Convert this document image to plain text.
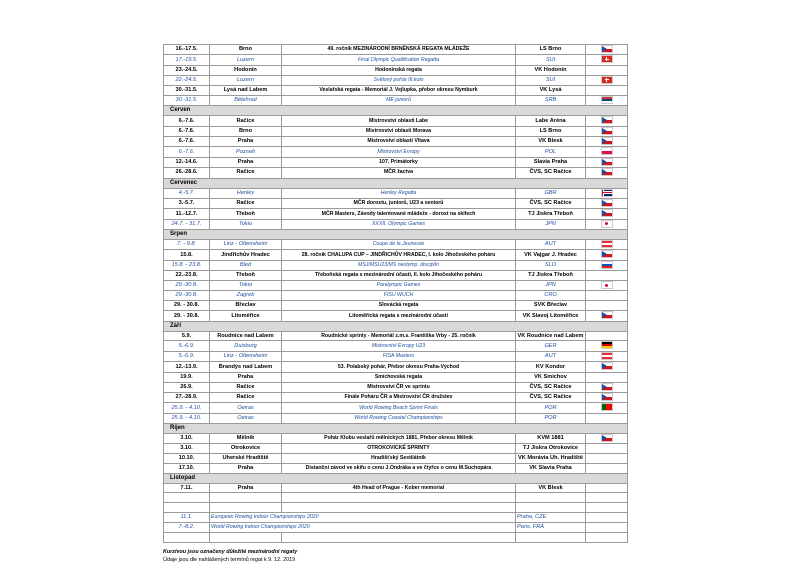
16.-17.5.	Brno	49. ročník MEZINÁRODNÍ BRNĚNSKÁ REGATA MLÁDEŽE	LS Brno	

17.-19.5.	Luzern	Final Olympic Qualification Regatta	SUI	

23.-24.5.	Hodonín	Hodonínská regata	VK Hodonín	
22.-24.5.	Luzern	Světový pohár III.kolo	SUI	

30.-31.5.	Lysá nad Labem	Veslařská regata - Memoriál J. Vejlupka, přebor okresu Nymburk	VK Lysá	
30.-31.5.	Bělehrad	ME juniorů	SRB	

Červen				
6.-7.6.	Račice	Mistrovství oblasti Labe	Labe Aréna	

6.-7.6.	Brno	Mistrovství oblasti Morava	LS Brno	

6.-7.6.	Praha	Mistrovství oblasti Vltava	VK Blesk	

6.-7.6.	Poznaň	Mistrovství Evropy	POL	

12.-14.6.	Praha	107. Primátorky	Slavia Praha	

26.-28.6.	Račice	MČR žactva	ČVS, SC Račice	

Červenec				
4.-5.7.	Henley	Henley Regatta	GBR	

3.-5.7.	Račice	MČR dorostu, juniorů, U23 a seniorů	ČVS, SC Račice	

11.-12.7.	Třeboň	MČR Masters, Závody talentované mládeže - dorost na skifech	TJ Jiskra Třeboň	

24.7. - 31.7.	Tokio	XXXII. Olympic Games	JPN	

Srpen				
7. - 9.8.	Linz - Ottensheim	Coupe de la Jeunesse	AUT	

15.8.	Jindřichův Hradec	28. ročník CHALUPA CUP – JINDŘICHŮV HRADEC, I. kolo Jihočeského poháru	VK Vajgar J. Hradec	

15.8. - 23.8.	Bled	MSJ/MSU23/MS neolymp. disciplín	SLO	

22.-23.8.	Třeboň	Třeboňská regata s mezinárodní účastí, II. kolo Jihočeského poháru	TJ Jiskra Třeboň	
29.-30.8.	Tokio	Paralympic Games	JPN	

29.-30.8.	Zagreb	FISU WUCH	CRO	
29. - 30.8.	Břeclav	Slovácká regata	SVK Břeclav	
29. - 30.8.	Litoměřice	Litoměřická regata s mezinárodní účastí	VK Slavoj Litoměřice	

Září				
5.9.	Roudnice nad Labem	Roudnické sprinty - Memoriál z.m.s. Františka Vrby - 25. ročník	VK Roudnice nad Labem	
5.-6.9.	Duisburg	Mistrovství Evropy U23	GER	

5.-6.9.	Linz - Ottensheim	FISA Masters	AUT	

12.-13.9.	Brandýs nad Labem	53. Polabský pohár, Přebor okresu Praha-Východ	KV Kondor	

19.9.	Praha	Smíchovská regata	VK Smíchov	
26.9.	Račice	Mistrovství ČR ve sprintu	ČVS, SC Račice	

27.-28.9.	Račice	Finále Poháru ČR a Mistrovství ČR družstev	ČVS, SC Račice	

25.9. - 4.10.	Oeiras	World Rowing Beach Sprint Finals	POR	

25.9. - 4.10.	Oeiras	World Rowing Coastal Championships	POR	
Říjen				
3.10.	Mělník	Pohár Klubu veslařů mělnických 1881, Přebor okresu Mělník	KVM 1881	

3.10.	Otrokovice	OTROKOVICKÉ SPRINTY	TJ Jiskra Otrokovice	
10.10.	Uherské Hradiště	Hradišťský Sestilátník	VK Morávia Uh. Hradiště	
17.10.	Praha	Distanční závod ve skifu o cenu J.Ondráka a ve čtyřce o cenu M.Suchopára	VK Slavia Praha	
Listopad				
7.11.	Praha	4th Head of Prague - Kober memorial	VK Blesk	

11.1.	European Rowing Indoor Championships 2020		Praha, CZE	
7.-8.2.	World Rowing Indoor Championships 2020		Paris, FRA	

Kurzívou jsou označeny důležité mezinárodní regaty
Údaje jsou dle nahlášených termínů regat k 9. 12. 2019
